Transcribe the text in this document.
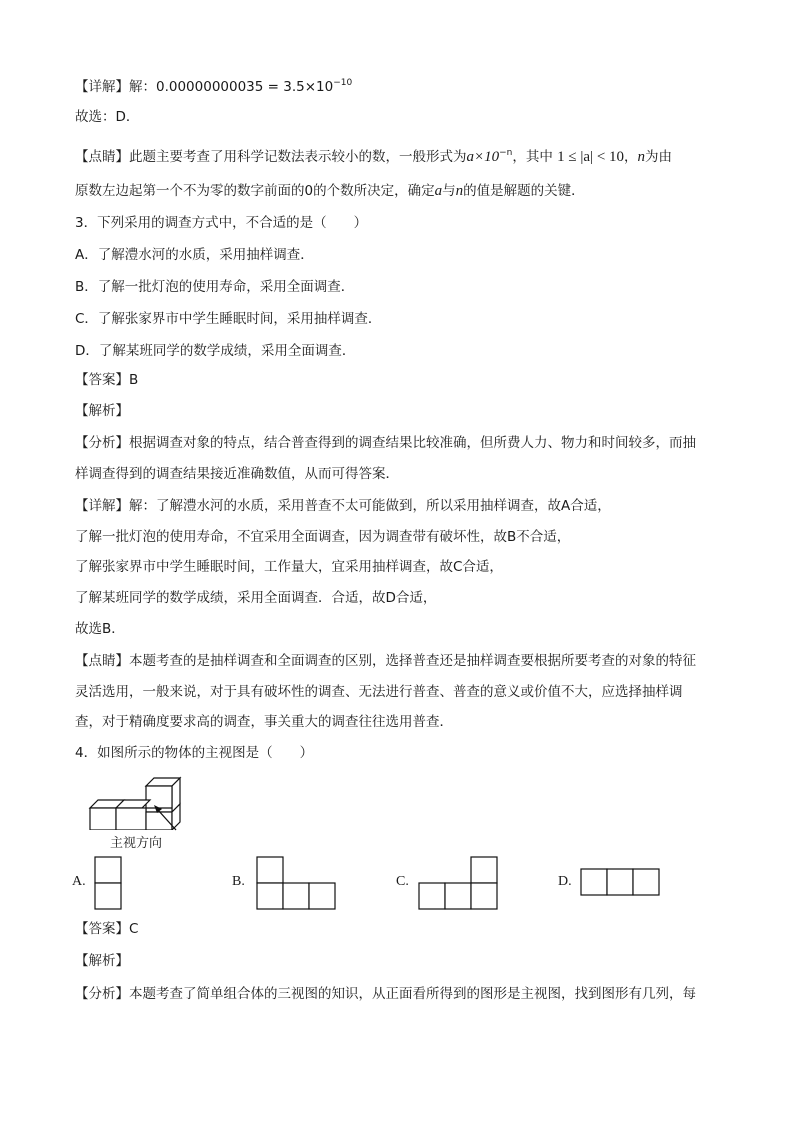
【详解】解：$0.00000000035 = 3.5\times 10^{-10}$
故选：D．
【点睛】此题主要考查了用科学记数法表示较小的数，一般形式为$a\times 10^{-n}$，其中 1 ≤ |a| < 10，n为由
原数左边起第一个不为零的数字前面的0的个数所决定，确定a与n的值是解题的关键．
3．下列采用的调查方式中，不合适的是（　　）
A．了解澧水河的水质，采用抽样调查．
B．了解一批灯泡的使用寿命，采用全面调查．
C．了解张家界市中学生睡眠时间，采用抽样调查．
D．了解某班同学的数学成绩，采用全面调查．
【答案】B
【解析】
【分析】根据调查对象的特点，结合普查得到的调查结果比较准确，但所费人力、物力和时间较多，而抽
样调查得到的调查结果接近准确数值，从而可得答案．
【详解】解：了解澧水河的水质，采用普查不太可能做到，所以采用抽样调查，故A合适，
了解一批灯泡的使用寿命，不宜采用全面调查，因为调查带有破坏性，故B不合适，
了解张家界市中学生睡眠时间，工作量大，宜采用抽样调查，故C合适，
了解某班同学的数学成绩，采用全面调查．合适，故D合适，
故选B．
【点睛】本题考查的是抽样调查和全面调查的区别，选择普查还是抽样调查要根据所要考查的对象的特征
灵活选用，一般来说，对于具有破坏性的调查、无法进行普查、普查的意义或价值不大，应选择抽样调
查，对于精确度要求高的调查，事关重大的调查往往选用普查．
4．如图所示的物体的主视图是（　　）
主视方向
A.	B.	C.	D.
【答案】C
【解析】
【分析】本题考查了简单组合体的三视图的知识，从正面看所得到的图形是主视图，找到图形有几列，每
